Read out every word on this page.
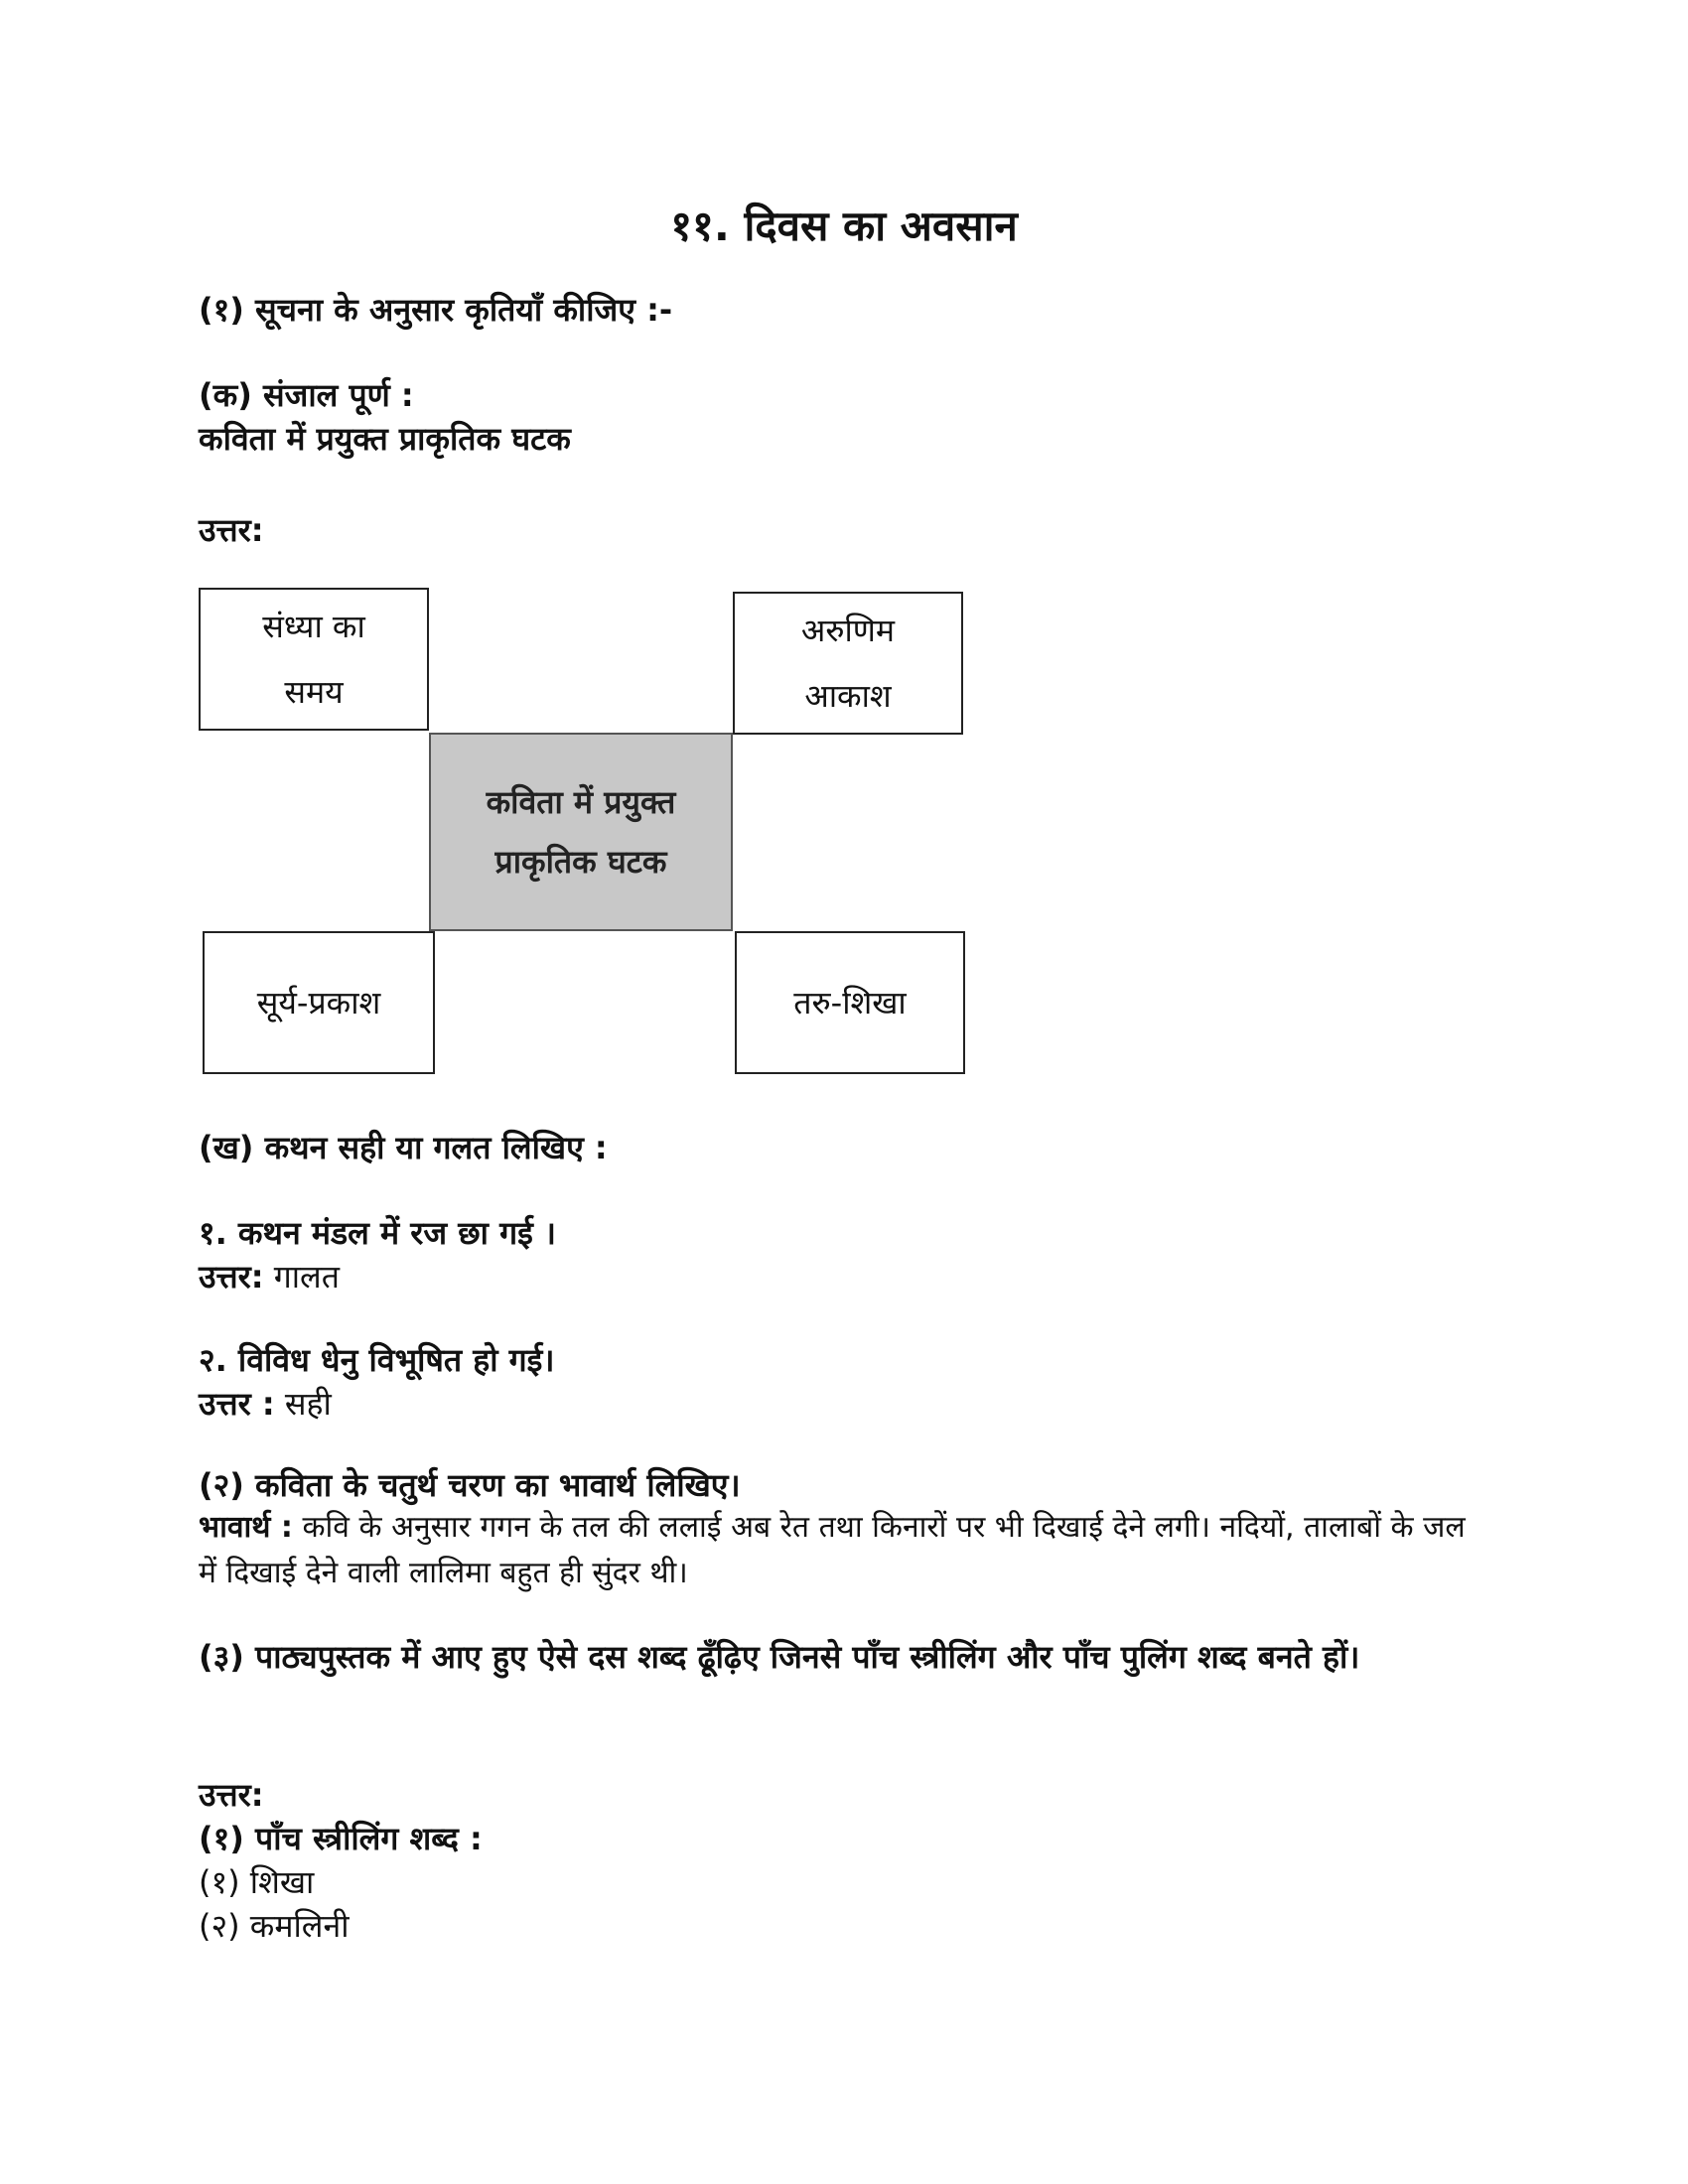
११. दिवस का अवसान
(१) सूचना के अनुसार कृतियाँ कीजिए :-
(क) संजाल पूर्ण :
कविता में प्रयुक्त प्राकृतिक घटक
उत्तर:
संध्या का समय
अरुणिम आकाश
कविता में प्रयुक्त प्राकृतिक घटक
सूर्य-प्रकाश	तरु-शिखा
(ख) कथन सही या गलत लिखिए :
१. कथन मंडल में रज छा गई ।
उत्तर: गालत
२. विविध धेनु विभूषित हो गई।
उत्तर : सही
(२) कविता के चतुर्थ चरण का भावार्थ लिखिए।
भावार्थ : कवि के अनुसार गगन के तल की ललाई अब रेत तथा किनारों पर भी दिखाई देने लगी। नदियों, तालाबों के जल में दिखाई देने वाली लालिमा बहुत ही सुंदर थी।
(३) पाठ्यपुस्तक में आए हुए ऐसे दस शब्द ढूँढ़िए जिनसे पाँच स्त्रीलिंग और पाँच पुलिंग शब्द बनते हों।
उत्तर:
(१) पाँच स्त्रीलिंग शब्द :
(१) शिखा
(२) कमलिनी
